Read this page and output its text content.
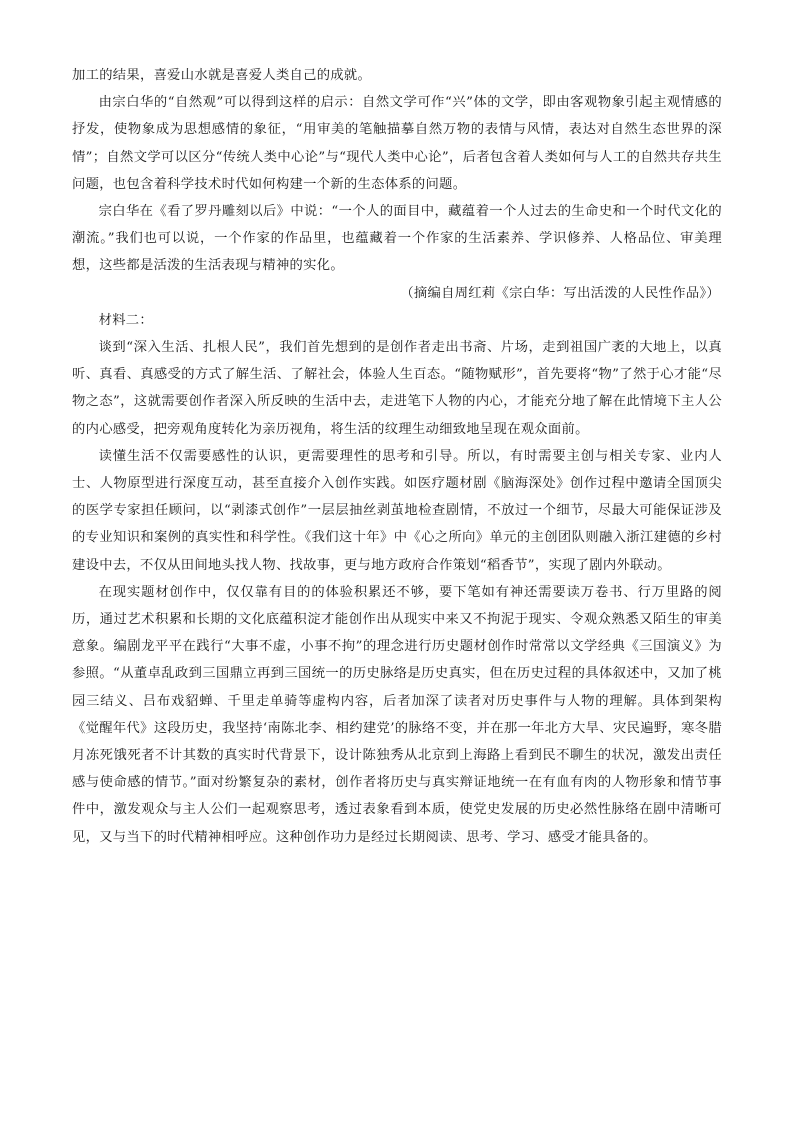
加工的结果，喜爱山水就是喜爱人类自己的成就。

由宗白华的“自然观”可以得到这样的启示：自然文学可作“兴”体的文学，即由客观物象引起主观情感的抒发，使物象成为思想感情的象征，“用审美的笔触描摹自然万物的表情与风情，表达对自然生态世界的深情”；自然文学可以区分“传统人类中心论”与“现代人类中心论”，后者包含着人类如何与人工的自然共存共生问题，也包含着科学技术时代如何构建一个新的生态体系的问题。

宗白华在《看了罗丹雕刻以后》中说：“一个人的面目中，藏蕴着一个人过去的生命史和一个时代文化的潮流。”我们也可以说，一个作家的作品里，也蕴藏着一个作家的生活素养、学识修养、人格品位、审美理想，这些都是活泼的生活表现与精神的实化。

（摘编自周红莉《宗白华：写出活泼的人民性作品》）

材料二：

谈到“深入生活、扎根人民”，我们首先想到的是创作者走出书斋、片场，走到祖国广袤的大地上，以真听、真看、真感受的方式了解生活、了解社会，体验人生百态。“随物赋形”，首先要将“物”了然于心才能“尽物之态”，这就需要创作者深入所反映的生活中去，走进笔下人物的内心，才能充分地了解在此情境下主人公的内心感受，把旁观角度转化为亲历视角，将生活的纹理生动细致地呈现在观众面前。

读懂生活不仅需要感性的认识，更需要理性的思考和引导。所以，有时需要主创与相关专家、业内人士、人物原型进行深度互动，甚至直接介入创作实践。如医疗题材剧《脑海深处》创作过程中邀请全国顶尖的医学专家担任顾问，以“剥漆式创作”一层层抽丝剥茧地检查剧情，不放过一个细节，尽最大可能保证涉及的专业知识和案例的真实性和科学性。《我们这十年》中《心之所向》单元的主创团队则融入浙江建德的乡村建设中去，不仅从田间地头找人物、找故事，更与地方政府合作策划“稻香节”，实现了剧内外联动。

在现实题材创作中，仅仅靠有目的的体验积累还不够，要下笔如有神还需要读万卷书、行万里路的阅历，通过艺术积累和长期的文化底蕴积淀才能创作出从现实中来又不拘泥于现实、令观众熟悉又陌生的审美意象。编剧龙平平在践行“大事不虚，小事不拘”的理念进行历史题材创作时常常以文学经典《三国演义》为参照。“从董卓乱政到三国鼎立再到三国统一的历史脉络是历史真实，但在历史过程的具体叙述中，又加了桃园三结义、吕布戏貂蝉、千里走单骑等虚构内容，后者加深了读者对历史事件与人物的理解。具体到架构《觉醒年代》这段历史，我坚持‘南陈北李、相约建党’的脉络不变，并在那一年北方大旱、灾民遍野，寒冬腊月冻死饿死者不计其数的真实时代背景下，设计陈独秀从北京到上海路上看到民不聊生的状况，激发出责任感与使命感的情节。”面对纷繁复杂的素材，创作者将历史与真实辩证地统一在有血有肉的人物形象和情节事件中，激发观众与主人公们一起观察思考，透过表象看到本质，使党史发展的历史必然性脉络在剧中清晰可见，又与当下的时代精神相呼应。这种创作功力是经过长期阅读、思考、学习、感受才能具备的。
